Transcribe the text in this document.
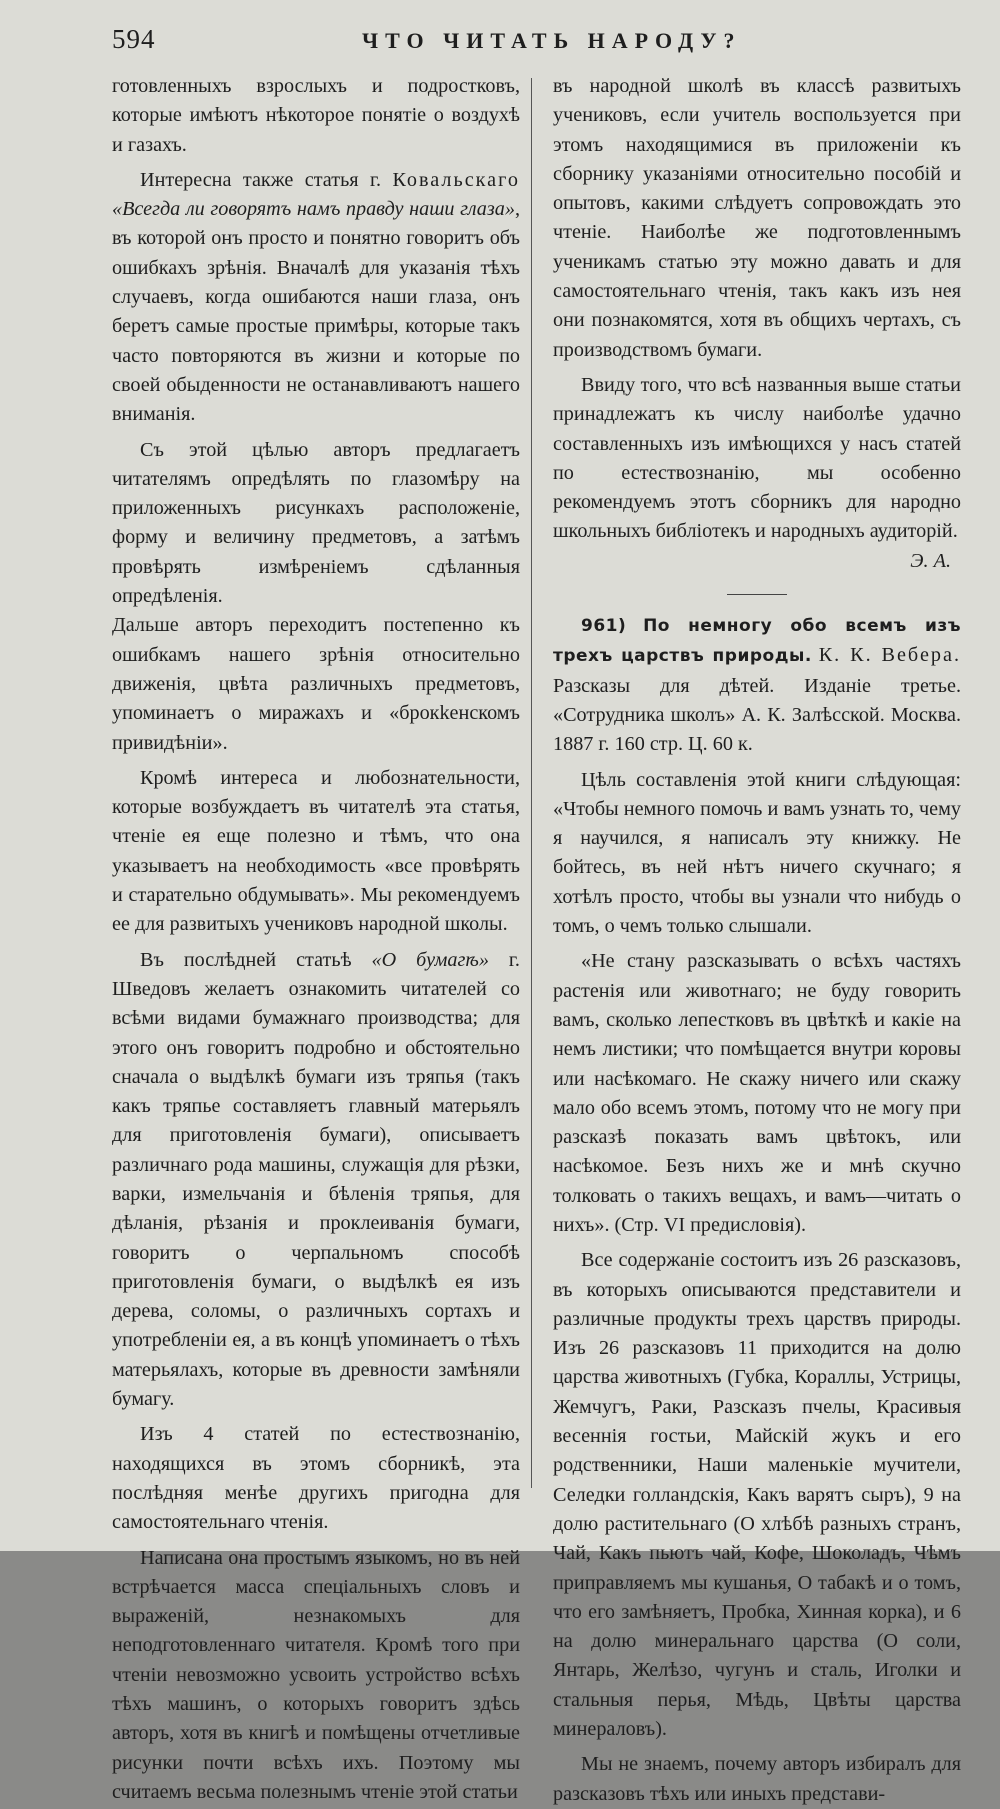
594	ЧТО ЧИТАТЬ НАРОДУ?

готовленныхъ взрослыхъ и подростковъ, которые имѣютъ нѣкоторое понятіе о воздухѣ и газахъ.

Интересна также статья г. Ковальскаго «Всегда ли говорятъ намъ правду наши глаза», въ которой онъ просто и понятно говоритъ объ ошибкахъ зрѣнія. Вначалѣ для указанія тѣхъ случаевъ, когда ошибаются наши глаза, онъ беретъ самые простые примѣры, которые такъ часто повторяются въ жизни и которые по своей обыденности не останавливаютъ нашего вниманія.

Съ этой цѣлью авторъ предлагаетъ читателямъ опредѣлять по глазомѣру на приложенныхъ рисункахъ расположеніе, форму и величину предметовъ, а затѣмъ провѣрять измѣреніемъ сдѣланныя опредѣленія.

Дальше авторъ переходитъ постепенно къ ошибкамъ нашего зрѣнія относительно движенія, цвѣта различныхъ предметовъ, упоминаетъ о миражахъ и «брокkенскомъ привидѣніи».

Кромѣ интереса и любознательности, которые возбуждаетъ въ читателѣ эта статья, чтеніе ея еще полезно и тѣмъ, что она указываетъ на необходимость «все провѣрять и старательно обдумывать». Мы рекомендуемъ ее для развитыхъ учениковъ народной школы.

Въ послѣдней статьѣ «О бумагѣ» г. Шведовъ желаетъ ознакомить читателей со всѣми видами бумажнаго производства; для этого онъ говоритъ подробно и обстоятельно сначала о выдѣлкѣ бумаги изъ тряпья (такъ какъ тряпье составляетъ главный матерьялъ для приготовленія бумаги), описываетъ различнаго рода машины, служащія для рѣзки, варки, измельчанія и бѣленія тряпья, для дѣланія, рѣзанія и проклеиванія бумаги, говоритъ о черпальномъ способѣ приготовленія бумаги, о выдѣлкѣ ея изъ дерева, соломы, о различныхъ сортахъ и употребленіи ея, а въ концѣ упоминаетъ о тѣхъ матерьялахъ, которые въ древности замѣняли бумагу.

Изъ 4 статей по естествознанію, находящихся въ этомъ сборникѣ, эта послѣдняя менѣе другихъ пригодна для самостоятельнаго чтенія.

Написана она простымъ языкомъ, но въ ней встрѣчается масса спеціальныхъ словъ и выраженій, незнакомыхъ для неподготовленнаго читателя. Кромѣ того при чтеніи невозможно усвоить устройство всѣхъ тѣхъ машинъ, о которыхъ говоритъ здѣсь авторъ, хотя въ книгѣ и помѣщены отчетливые рисунки почти всѣхъ ихъ. Поэтому мы считаемъ весьма полезнымъ чтеніе этой статьи

въ народной школѣ въ классѣ развитыхъ учениковъ, если учитель воспользуется при этомъ находящимися въ приложеніи къ сборнику указаніями относительно пособій и опытовъ, какими слѣдуетъ сопровождать это чтеніе. Наиболѣе же подготовленнымъ ученикамъ статью эту можно давать и для самостоятельнаго чтенія, такъ какъ изъ нея они познакомятся, хотя въ общихъ чертахъ, съ производствомъ бумаги.

Ввиду того, что всѣ названныя выше статьи принадлежатъ къ числу наиболѣе удачно составленныхъ изъ имѣющихся у насъ статей по естествознанію, мы особенно рекомендуемъ этотъ сборникъ для народно школьныхъ библіотекъ и народныхъ аудиторій.

Э. А.

961) По немногу обо всемъ изъ трехъ царствъ природы. К. К. Вебера. Разсказы для дѣтей. Изданіе третье. «Сотрудника школъ» А. К. Залѣсской. Москва. 1887 г. 160 стр. Ц. 60 к.

Цѣль составленія этой книги слѣдующая: «Чтобы немного помочь и вамъ узнать то, чему я научился, я написалъ эту книжку. Не бойтесь, въ ней нѣтъ ничего скучнаго; я хотѣлъ просто, чтобы вы узнали что нибудь о томъ, о чемъ только слышали.

«Не стану разсказывать о всѣхъ частяхъ растенія или животнаго; не буду говорить вамъ, сколько лепестковъ въ цвѣткѣ и какіе на немъ листики; что помѣщается внутри коровы или насѣкомаго. Не скажу ничего или скажу мало обо всемъ этомъ, потому что не могу при разсказѣ показать вамъ цвѣтокъ, или насѣкомое. Безъ нихъ же и мнѣ скучно толковать о такихъ вещахъ, и вамъ—читать о нихъ». (Стр. VI предисловія).

Все содержаніе состоитъ изъ 26 разсказовъ, въ которыхъ описываются представители и различные продукты трехъ царствъ природы. Изъ 26 разсказовъ 11 приходится на долю царства животныхъ (Губка, Кораллы, Устрицы, Жемчугъ, Раки, Разсказъ пчелы, Красивыя весеннія гостьи, Майскій жукъ и его родственники, Наши маленькіе мучители, Селедки голландскія, Какъ варятъ сыръ), 9 на долю растительнаго (О хлѣбѣ разныхъ странъ, Чай, Какъ пьютъ чай, Кофе, Шоколадъ, Чѣмъ приправляемъ мы кушанья, О табакѣ и о томъ, что его замѣняетъ, Пробка, Хинная корка), и 6 на долю минеральнаго царства (О соли, Янтарь, Желѣзо, чугунъ и сталь, Иголки и стальныя перья, Мѣдь, Цвѣты царства минераловъ).

Мы не знаемъ, почему авторъ избиралъ для разсказовъ тѣхъ или иныхъ представи-
